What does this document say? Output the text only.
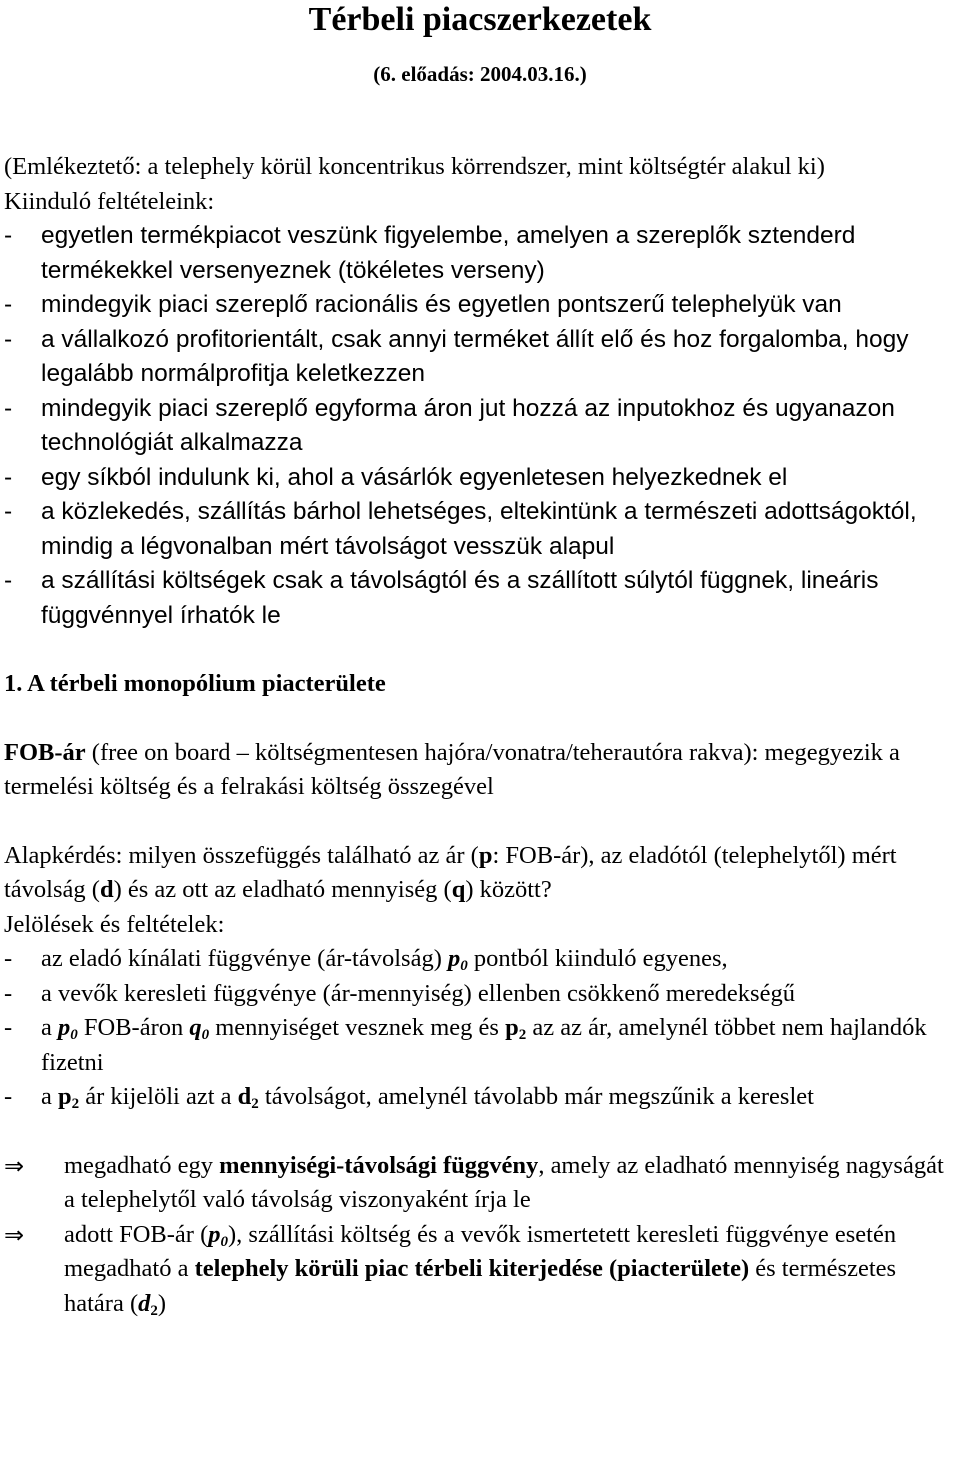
Térbeli piacszerkezetek
(6. előadás: 2004.03.16.)

(Emlékeztető: a telephely körül koncentrikus körrendszer, mint költségtér alakul ki)

Kiinduló feltételeink:

- egyetlen termékpiacot veszünk figyelembe, amelyen a szereplők sztenderd termékekkel versenyeznek (tökéletes verseny)
- mindegyik piaci szereplő racionális és egyetlen pontszerű telephelyük van
- a vállalkozó profitorientált, csak annyi terméket állít elő és hoz forgalomba, hogy legalább normálprofitja keletkezzen
- mindegyik piaci szereplő egyforma áron jut hozzá az inputokhoz és ugyanazon technológiát alkalmazza
- egy síkból indulunk ki, ahol a vásárlók egyenletesen helyezkednek el
- a közlekedés, szállítás bárhol lehetséges, eltekintünk a természeti adottságoktól, mindig a légvonalban mért távolságot vesszük alapul
- a szállítási költségek csak a távolságtól és a szállított súlytól függnek, lineáris függvénnyel írhatók le
1. A térbeli monopólium piacterülete

FOB-ár (free on board – költségmentesen hajóra/vonatra/teherautóra rakva): megegyezik a termelési költség és a felrakási költség összegével

Alapkérdés: milyen összefüggés található az ár (p: FOB-ár), az eladótól (telephelytől) mért távolság (d) és az ott az eladható mennyiség (q) között?

Jelölések és feltételek:

- az eladó kínálati függvénye (ár-távolság) $p_0$ pontból kiinduló egyenes,
- a vevők keresleti függvénye (ár-mennyiség) ellenben csökkenő meredekségű
- a $p_0$ FOB-áron $q_0$ mennyiséget vesznek meg és $p_2$ az az ár, amelynél többet nem hajlandók fizetni
- a $p_2$ ár kijelöli azt a $d_2$ távolságot, amelynél távolabb már megszűnik a kereslet
⇒ megadható egy mennyiségi-távolsági függvény, amely az eladható mennyiség nagyságát a telephelytől való távolság viszonyaként írja le
⇒ adott FOB-ár $(p_0)$, szállítási költség és a vevők ismertetett keresleti függvénye esetén megadható a telephely körüli piac térbeli kiterjedése (piacterülete) és természetes határa $(d_2)$
